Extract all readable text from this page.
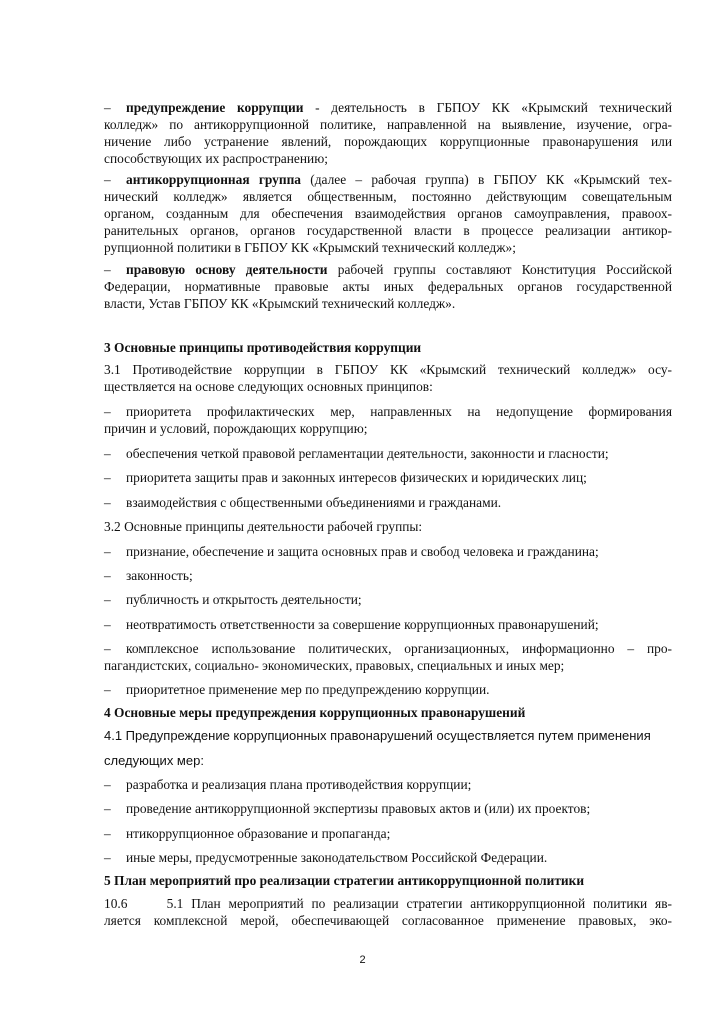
– предупреждение коррупции - деятельность в ГБПОУ КК «Крымский технический
колледж» по антикоррупционной политике, направленной на выявление, изучение, огра-
ничение либо устранение явлений, порождающих коррупционные правонарушения или
способствующих их распространению;
– антикоррупционная группа (далее – рабочая группа) в ГБПОУ КК «Крымский тех-
нический колледж» является общественным, постоянно действующим совещательным
органом, созданным для обеспечения взаимодействия органов самоуправления, правоох-
ранительных органов, органов государственной власти в процессе реализации антикор-
рупционной политики в ГБПОУ КК «Крымский технический колледж»;
– правовую основу деятельности рабочей группы составляют Конституция Российской
Федерации, нормативные правовые акты иных федеральных органов государственной
власти, Устав ГБПОУ КК «Крымский технический колледж».
3 Основные принципы противодействия коррупции
3.1 Противодействие коррупции в ГБПОУ КК «Крымский технический колледж» осу-
ществляется на основе следующих основных принципов:
– приоритета профилактических мер, направленных на недопущение формирования
причин и условий, порождающих коррупцию;
– обеспечения четкой правовой регламентации деятельности, законности и гласности;
– приоритета защиты прав и законных интересов физических и юридических лиц;
– взаимодействия с общественными объединениями и гражданами.
3.2 Основные принципы деятельности рабочей группы:
– признание, обеспечение и защита основных прав и свобод человека и гражданина;
– законность;
– публичность и открытость деятельности;
– неотвратимость ответственности за совершение коррупционных правонарушений;
– комплексное использование политических, организационных, информационно – про-
пагандистских, социально- экономических, правовых, специальных и иных мер;
– приоритетное применение мер по предупреждению коррупции.
4 Основные меры предупреждения коррупционных правонарушений
4.1 Предупреждение коррупционных правонарушений осуществляется путем применения
следующих мер:
– разработка и реализация плана противодействия коррупции;
– проведение антикоррупционной экспертизы правовых актов и (или) их проектов;
– нтикоррупционное образование и пропаганда;
– иные меры, предусмотренные законодательством Российской Федерации.
5 План мероприятий про реализации стратегии антикоррупционной политики
10.6     5.1 План мероприятий по реализации стратегии антикоррупционной политики яв-
ляется комплексной мерой, обеспечивающей согласованное применение правовых, эко-
2
